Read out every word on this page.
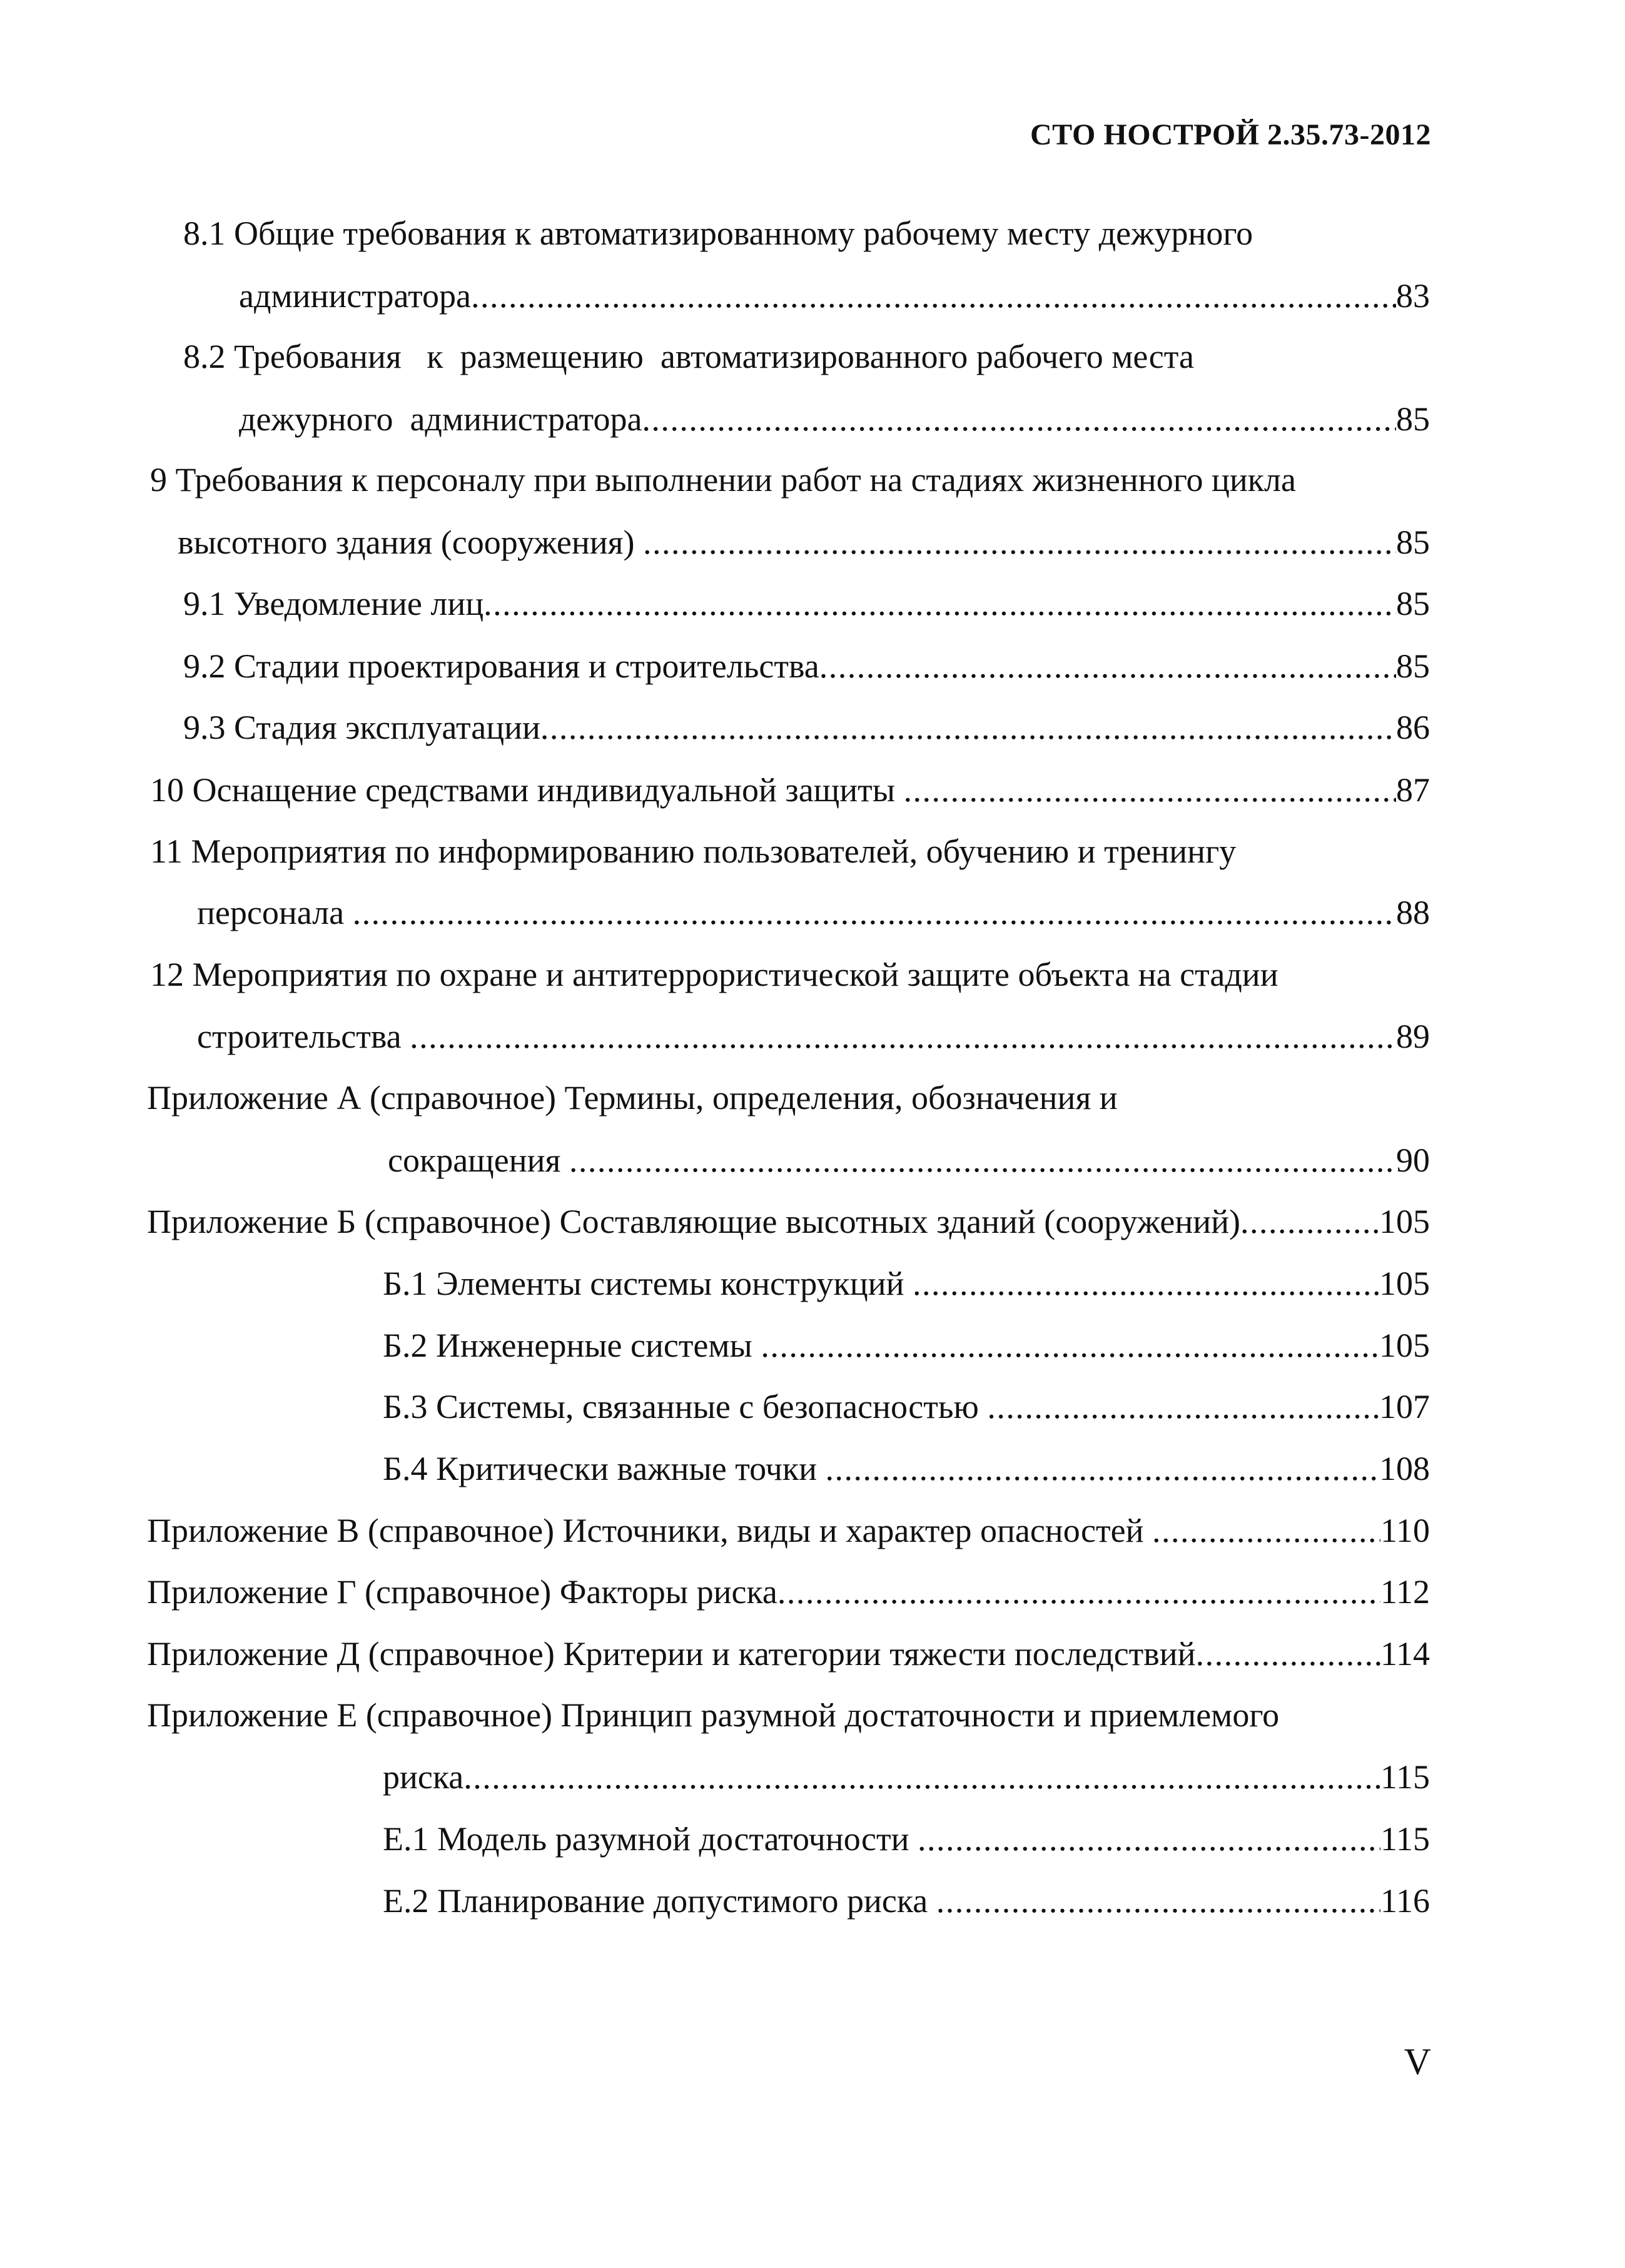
СТО НОСТРОЙ 2.35.73-2012
8.1 Общие требования к автоматизированному рабочему месту дежурного
администратора .....	83
8.2 Требования   к  размещению  автоматизированного рабочего места
дежурного  администратора .....	85
9 Требования к персоналу при выполнении работ на стадиях жизненного цикла
высотного здания (сооружения) .....	85
9.1 Уведомление лиц .....	85
9.2 Стадии проектирования и строительства .....	85
9.3 Стадия эксплуатации .....	86
10 Оснащение средствами индивидуальной защиты .....	87
11 Мероприятия по информированию пользователей, обучению и тренингу
персонала .....	88
12 Мероприятия по охране и антитеррористической защите объекта на стадии
строительства .....	89
Приложение А (справочное) Термины, определения, обозначения и
сокращения .....	90
Приложение Б (справочное) Составляющие высотных зданий (сооружений) .....	105
Б.1 Элементы системы конструкций .....	105
Б.2 Инженерные системы .....	105
Б.3 Системы, связанные с безопасностью .....	107
Б.4 Критически важные точки .....	108
Приложение В (справочное) Источники, виды и характер опасностей .....	110
Приложение Г (справочное) Факторы риска .....	112
Приложение Д (справочное) Критерии и категории тяжести последствий .....	114
Приложение Е (справочное) Принцип разумной достаточности и приемлемого
риска .....	115
Е.1 Модель разумной достаточности .....	115
Е.2 Планирование допустимого риска .....	116
V
